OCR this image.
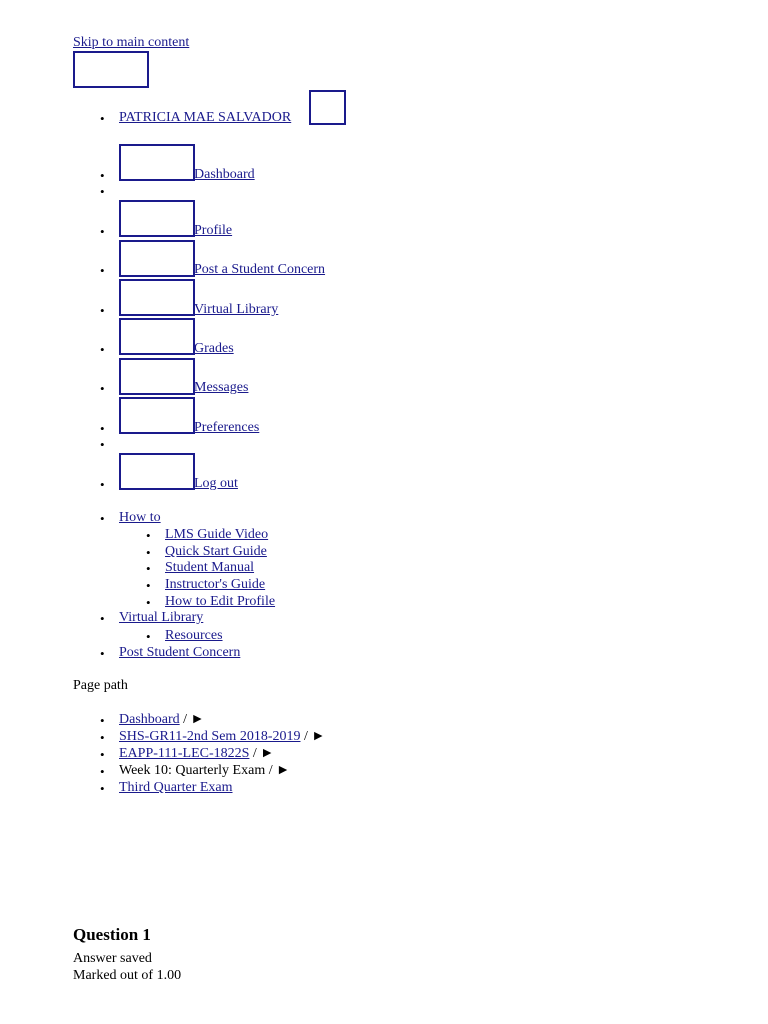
Skip to main content
• PATRICIA MAE SALVADOR
•	Dashboard
•
•	Profile
•	Post a Student Concern
•	Virtual Library
•	Grades
•	Messages
•	Preferences
•
•	Log out
• How to
• LMS Guide Video
• Quick Start Guide
• Student Manual
• Instructor's Guide
• How to Edit Profile
• Virtual Library
• Resources
• Post Student Concern
Page path
• Dashboard / ►
• SHS-GR11-2nd Sem 2018-2019 / ►
• EAPP-111-LEC-1822S / ►
• Week 10: Quarterly Exam / ►
• Third Quarter Exam
Question 1
Answer saved
Marked out of 1.00
